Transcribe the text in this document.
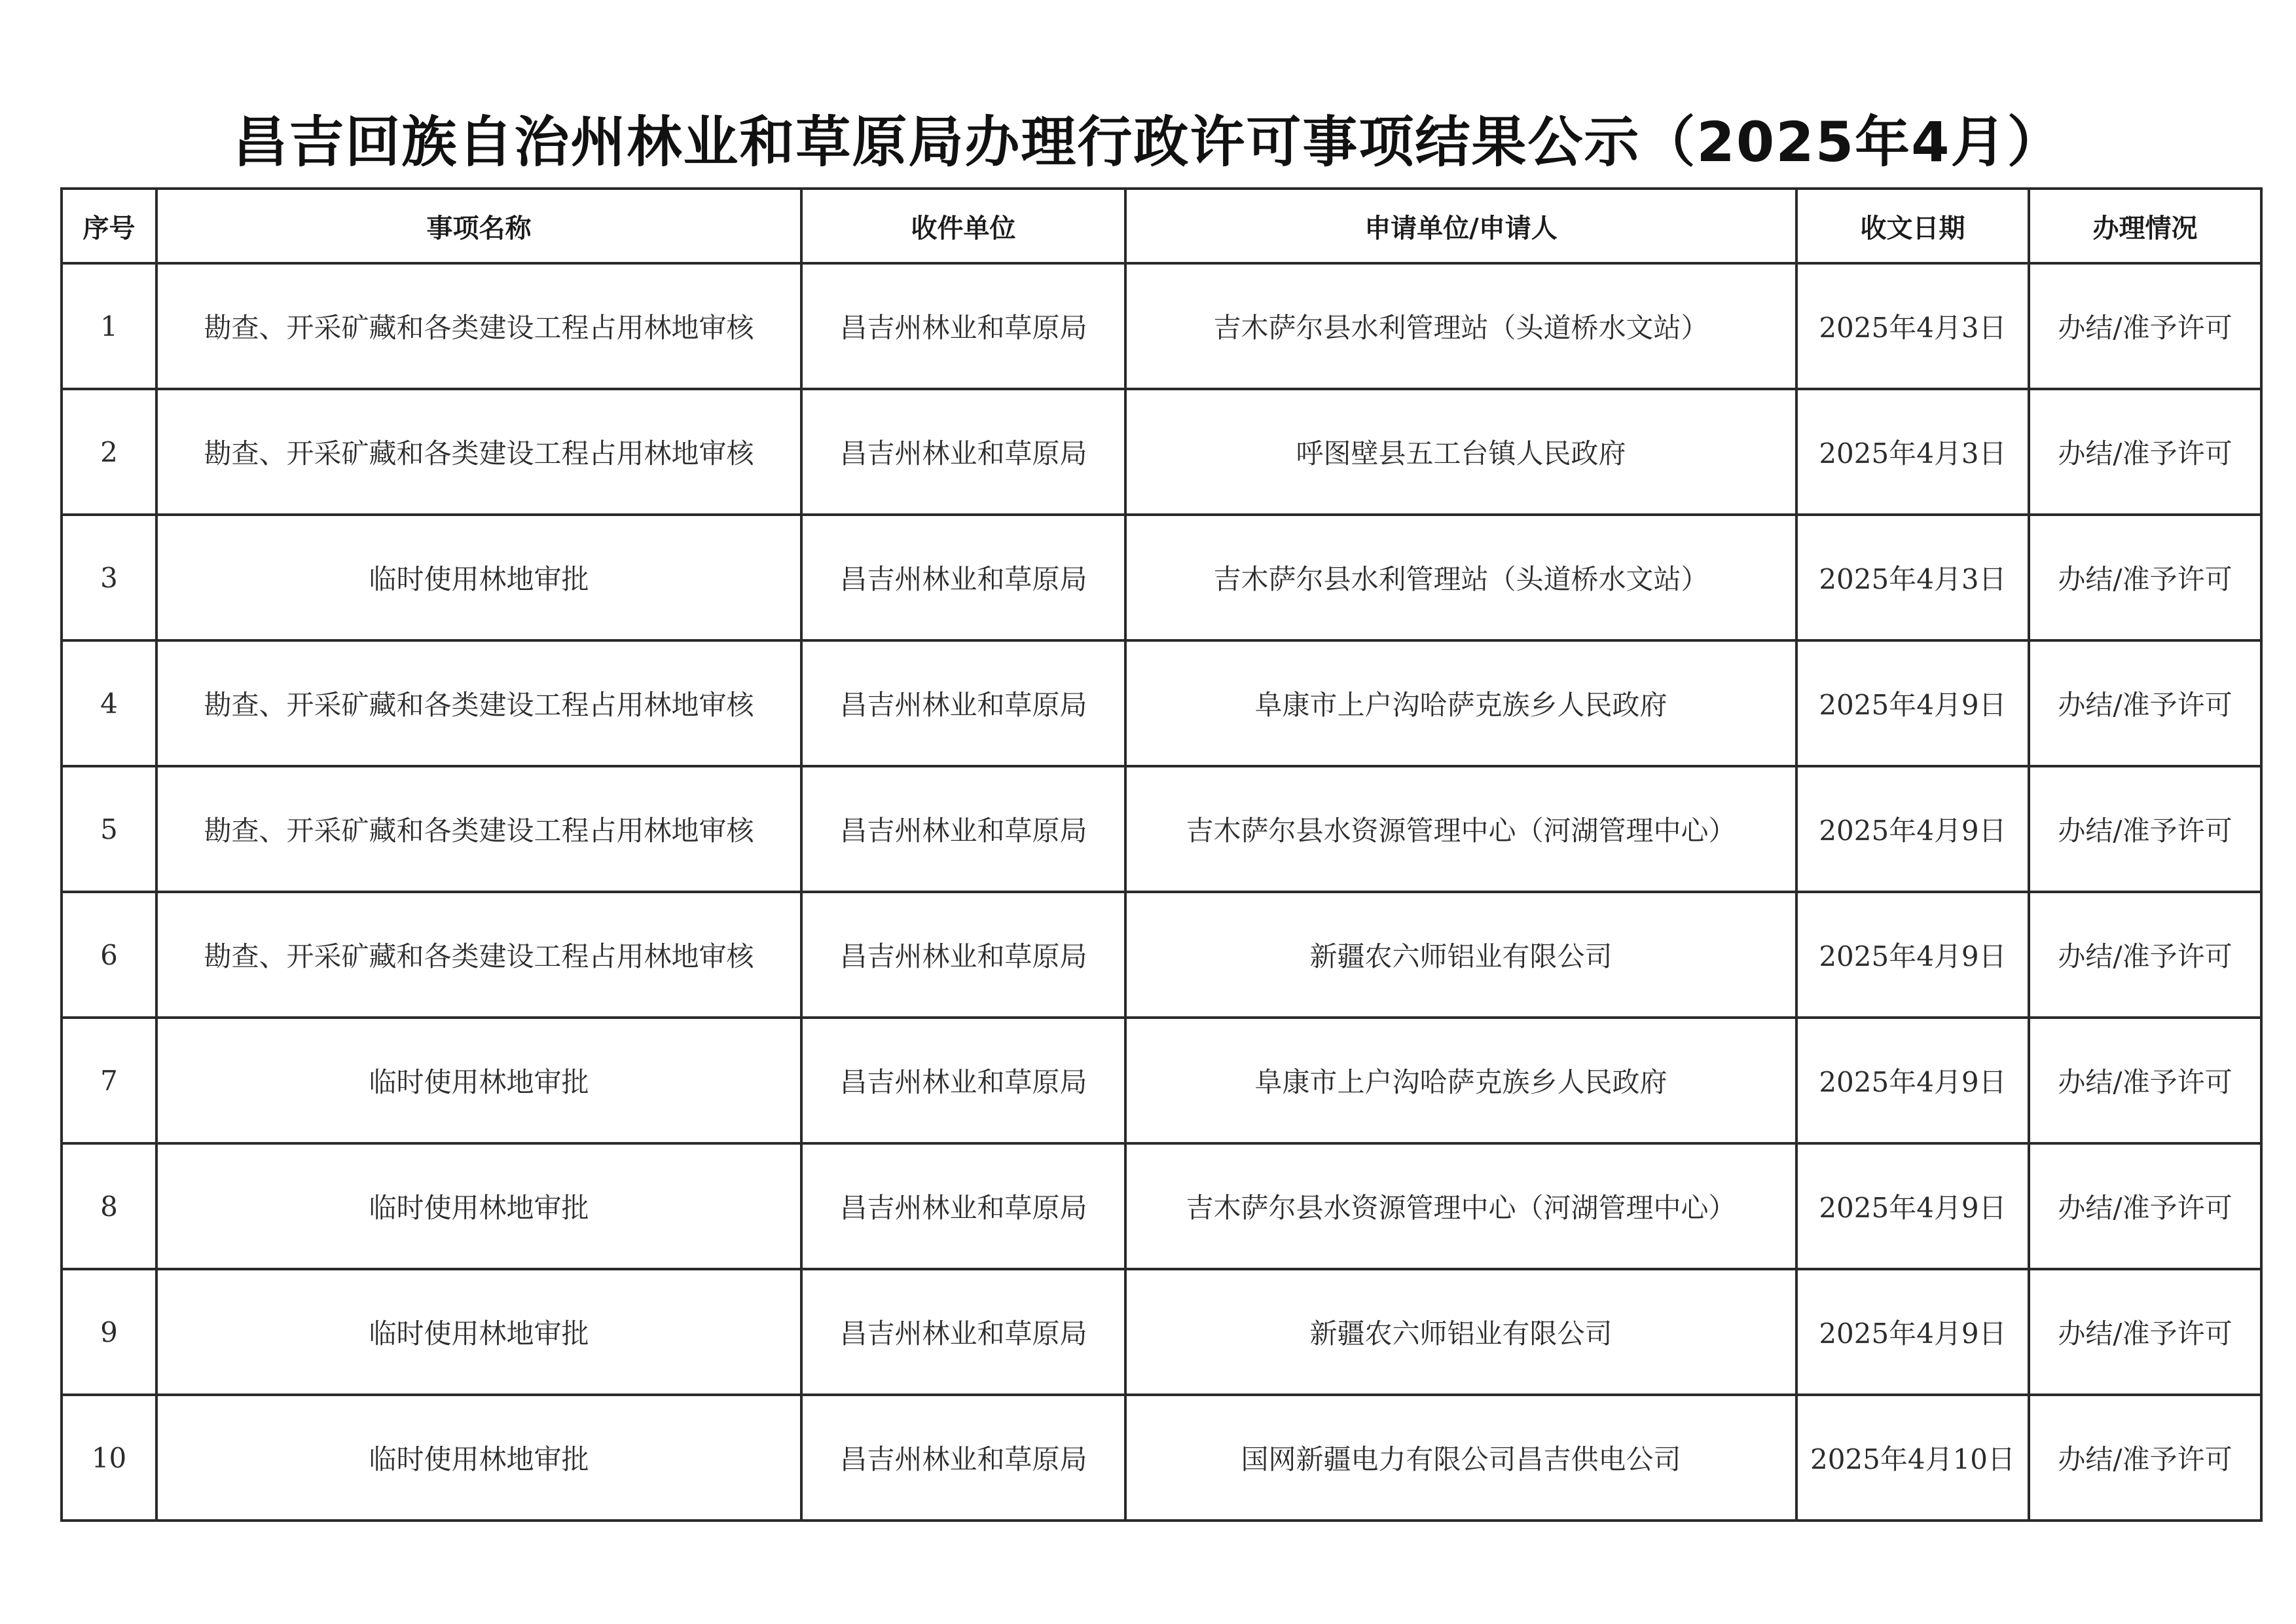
昌吉回族自治州林业和草原局办理行政许可事项结果公示（2025年4月）
序号	事项名称	收件单位	申请单位/申请人	收文日期	办理情况
1	勘查、开采矿藏和各类建设工程占用林地审核	昌吉州林业和草原局	吉木萨尔县水利管理站（头道桥水文站）	2025年4月3日	办结/准予许可
2	勘查、开采矿藏和各类建设工程占用林地审核	昌吉州林业和草原局	呼图壁县五工台镇人民政府	2025年4月3日	办结/准予许可
3	临时使用林地审批	昌吉州林业和草原局	吉木萨尔县水利管理站（头道桥水文站）	2025年4月3日	办结/准予许可
4	勘查、开采矿藏和各类建设工程占用林地审核	昌吉州林业和草原局	阜康市上户沟哈萨克族乡人民政府	2025年4月9日	办结/准予许可
5	勘查、开采矿藏和各类建设工程占用林地审核	昌吉州林业和草原局	吉木萨尔县水资源管理中心（河湖管理中心）	2025年4月9日	办结/准予许可
6	勘查、开采矿藏和各类建设工程占用林地审核	昌吉州林业和草原局	新疆农六师铝业有限公司	2025年4月9日	办结/准予许可
7	临时使用林地审批	昌吉州林业和草原局	阜康市上户沟哈萨克族乡人民政府	2025年4月9日	办结/准予许可
8	临时使用林地审批	昌吉州林业和草原局	吉木萨尔县水资源管理中心（河湖管理中心）	2025年4月9日	办结/准予许可
9	临时使用林地审批	昌吉州林业和草原局	新疆农六师铝业有限公司	2025年4月9日	办结/准予许可
10	临时使用林地审批	昌吉州林业和草原局	国网新疆电力有限公司昌吉供电公司	2025年4月10日	办结/准予许可
